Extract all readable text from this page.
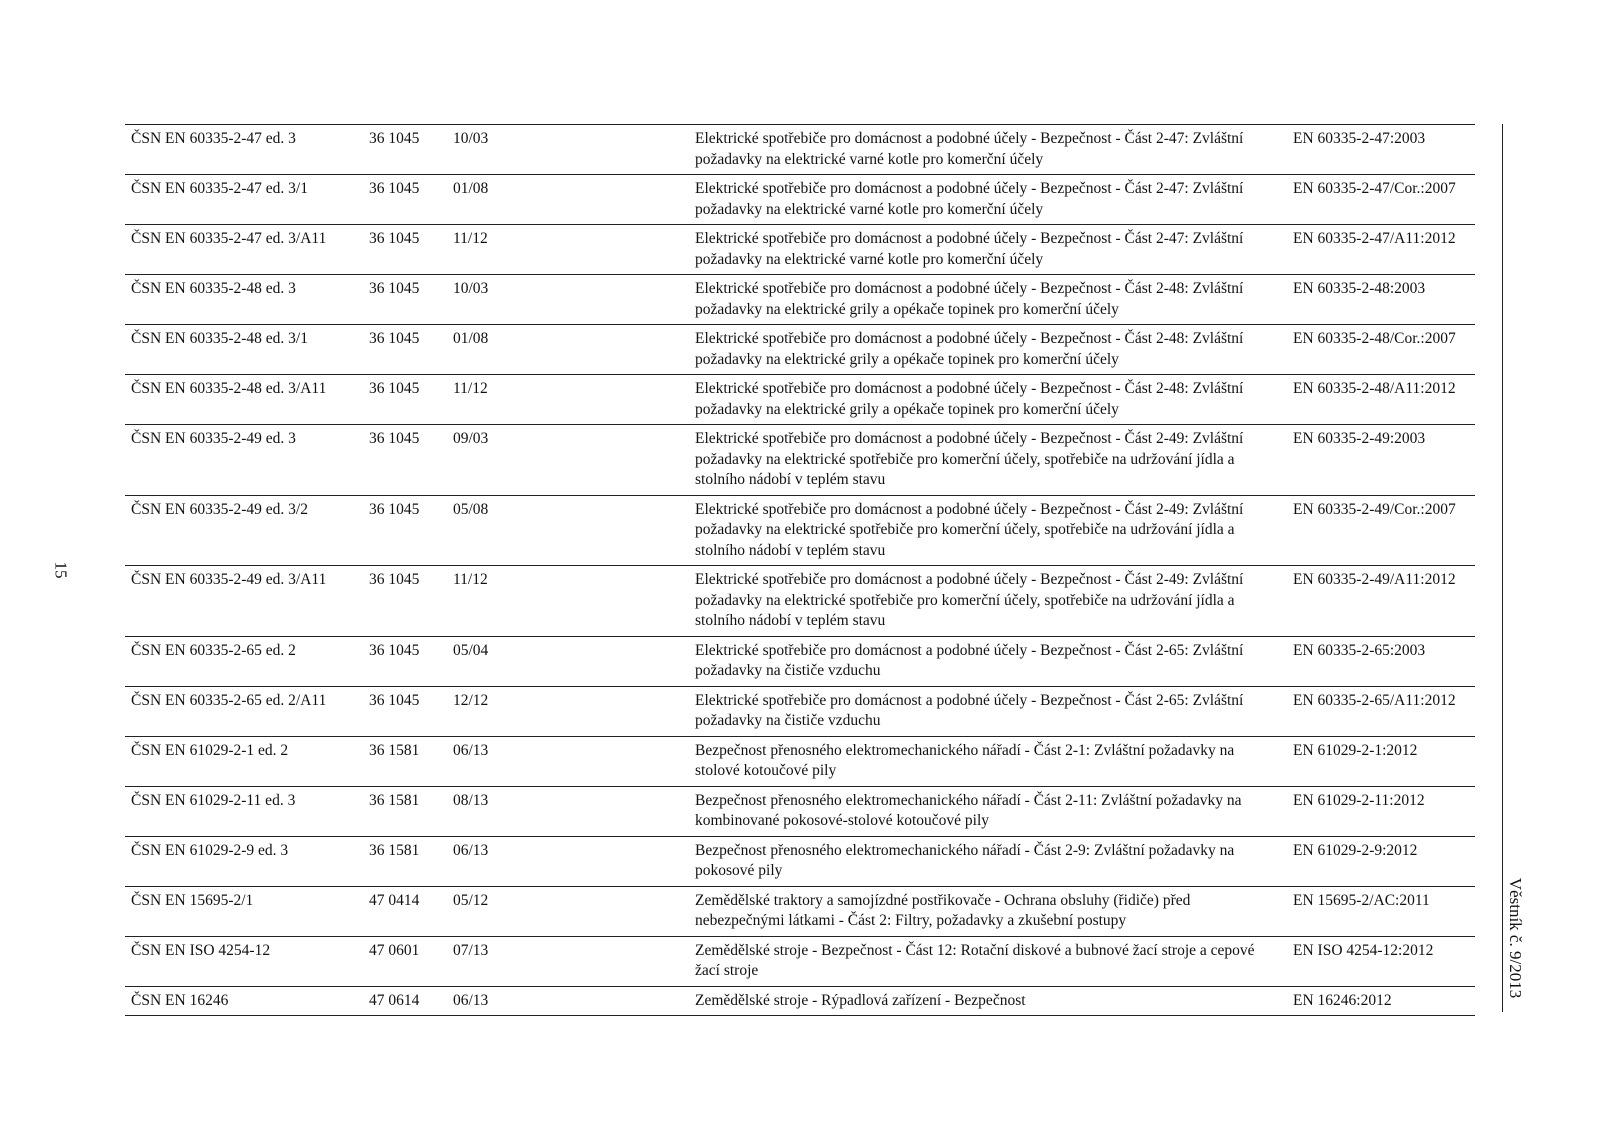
15
ČSN EN 60335-2-47 ed. 3	36 1045	10/03	Elektrické spotřebiče pro domácnost a podobné účely - Bezpečnost - Část 2-47: Zvláštní požadavky na elektrické varné kotle pro komerční účely	EN 60335-2-47:2003
ČSN EN 60335-2-47 ed. 3/1	36 1045	01/08	Elektrické spotřebiče pro domácnost a podobné účely - Bezpečnost - Část 2-47: Zvláštní požadavky na elektrické varné kotle pro komerční účely	EN 60335-2-47/Cor.:2007
ČSN EN 60335-2-47 ed. 3/A11	36 1045	11/12	Elektrické spotřebiče pro domácnost a podobné účely - Bezpečnost - Část 2-47: Zvláštní požadavky na elektrické varné kotle pro komerční účely	EN 60335-2-47/A11:2012
ČSN EN 60335-2-48 ed. 3	36 1045	10/03	Elektrické spotřebiče pro domácnost a podobné účely - Bezpečnost - Část 2-48: Zvláštní požadavky na elektrické grily a opékače topinek pro komerční účely	EN 60335-2-48:2003
ČSN EN 60335-2-48 ed. 3/1	36 1045	01/08	Elektrické spotřebiče pro domácnost a podobné účely - Bezpečnost - Část 2-48: Zvláštní požadavky na elektrické grily a opékače topinek pro komerční účely	EN 60335-2-48/Cor.:2007
ČSN EN 60335-2-48 ed. 3/A11	36 1045	11/12	Elektrické spotřebiče pro domácnost a podobné účely - Bezpečnost - Část 2-48: Zvláštní požadavky na elektrické grily a opékače topinek pro komerční účely	EN 60335-2-48/A11:2012
ČSN EN 60335-2-49 ed. 3	36 1045	09/03	Elektrické spotřebiče pro domácnost a podobné účely - Bezpečnost - Část 2-49: Zvláštní požadavky na elektrické spotřebiče pro komerční účely, spotřebiče na udržování jídla a stolního nádobí v teplém stavu	EN 60335-2-49:2003
ČSN EN 60335-2-49 ed. 3/2	36 1045	05/08	Elektrické spotřebiče pro domácnost a podobné účely - Bezpečnost - Část 2-49: Zvláštní požadavky na elektrické spotřebiče pro komerční účely, spotřebiče na udržování jídla a stolního nádobí v teplém stavu	EN 60335-2-49/Cor.:2007
ČSN EN 60335-2-49 ed. 3/A11	36 1045	11/12	Elektrické spotřebiče pro domácnost a podobné účely - Bezpečnost - Část 2-49: Zvláštní požadavky na elektrické spotřebiče pro komerční účely, spotřebiče na udržování jídla a stolního nádobí v teplém stavu	EN 60335-2-49/A11:2012
ČSN EN 60335-2-65 ed. 2	36 1045	05/04	Elektrické spotřebiče pro domácnost a podobné účely - Bezpečnost - Část 2-65: Zvláštní požadavky na čističe vzduchu	EN 60335-2-65:2003
ČSN EN 60335-2-65 ed. 2/A11	36 1045	12/12	Elektrické spotřebiče pro domácnost a podobné účely - Bezpečnost - Část 2-65: Zvláštní požadavky na čističe vzduchu	EN 60335-2-65/A11:2012
ČSN EN 61029-2-1 ed. 2	36 1581	06/13	Bezpečnost přenosného elektromechanického nářadí - Část 2-1: Zvláštní požadavky na stolové kotoučové pily	EN 61029-2-1:2012
ČSN EN 61029-2-11 ed. 3	36 1581	08/13	Bezpečnost přenosného elektromechanického nářadí - Část 2-11: Zvláštní požadavky na kombinované pokosové-stolové kotoučové pily	EN 61029-2-11:2012
ČSN EN 61029-2-9 ed. 3	36 1581	06/13	Bezpečnost přenosného elektromechanického nářadí - Část 2-9: Zvláštní požadavky na pokosové pily	EN 61029-2-9:2012
ČSN EN 15695-2/1	47 0414	05/12	Zemědělské traktory a samojízdné postřikovače - Ochrana obsluhy (řidiče) před nebezpečnými látkami - Část 2: Filtry, požadavky a zkušební postupy	EN 15695-2/AC:2011
ČSN EN ISO 4254-12	47 0601	07/13	Zemědělské stroje - Bezpečnost - Část 12: Rotační diskové a bubnové žací stroje a cepové žací stroje	EN ISO 4254-12:2012
ČSN EN 16246	47 0614	06/13	Zemědělské stroje - Rýpadlová zařízení - Bezpečnost	EN 16246:2012
Věstník č. 9/2013
